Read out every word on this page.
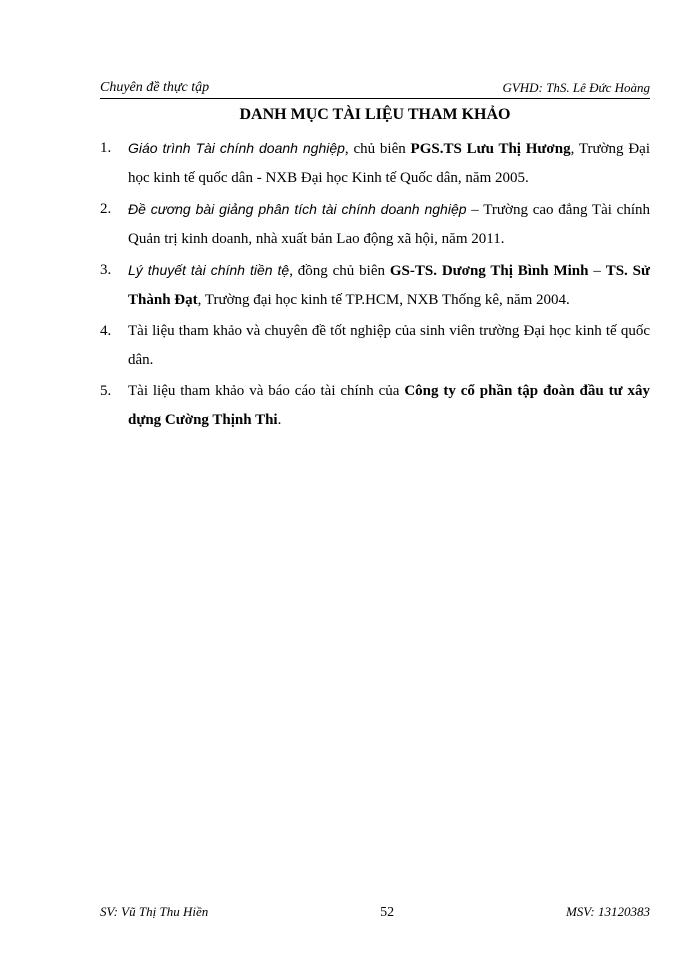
Chuyên đề thực tập	GVHD: ThS. Lê Đức Hoàng
DANH MỤC TÀI LIỆU THAM KHẢO
1.	Giáo trình Tài chính doanh nghiệp, chủ biên PGS.TS Lưu Thị Hương, Trường Đại học kinh tế quốc dân - NXB Đại học Kinh tế Quốc dân, năm 2005.
2.	Đề cương bài giảng phân tích tài chính doanh nghiệp – Trường cao đẳng Tài chính Quản trị kinh doanh, nhà xuất bản Lao động xã hội, năm 2011.
3.	Lý thuyết tài chính tiền tệ, đồng chủ biên GS-TS. Dương Thị Bình Minh – TS. Sử Thành Đạt, Trường đại học kinh tế TP.HCM, NXB Thống kê, năm 2004.
4.	Tài liệu tham khảo và chuyên đề tốt nghiệp của sinh viên trường Đại học kinh tế quốc dân.
5.	Tài liệu tham khảo và báo cáo tài chính của Công ty cổ phần tập đoàn đầu tư xây dựng Cường Thịnh Thi.
SV: Vũ Thị Thu Hiền	52	MSV: 13120383
